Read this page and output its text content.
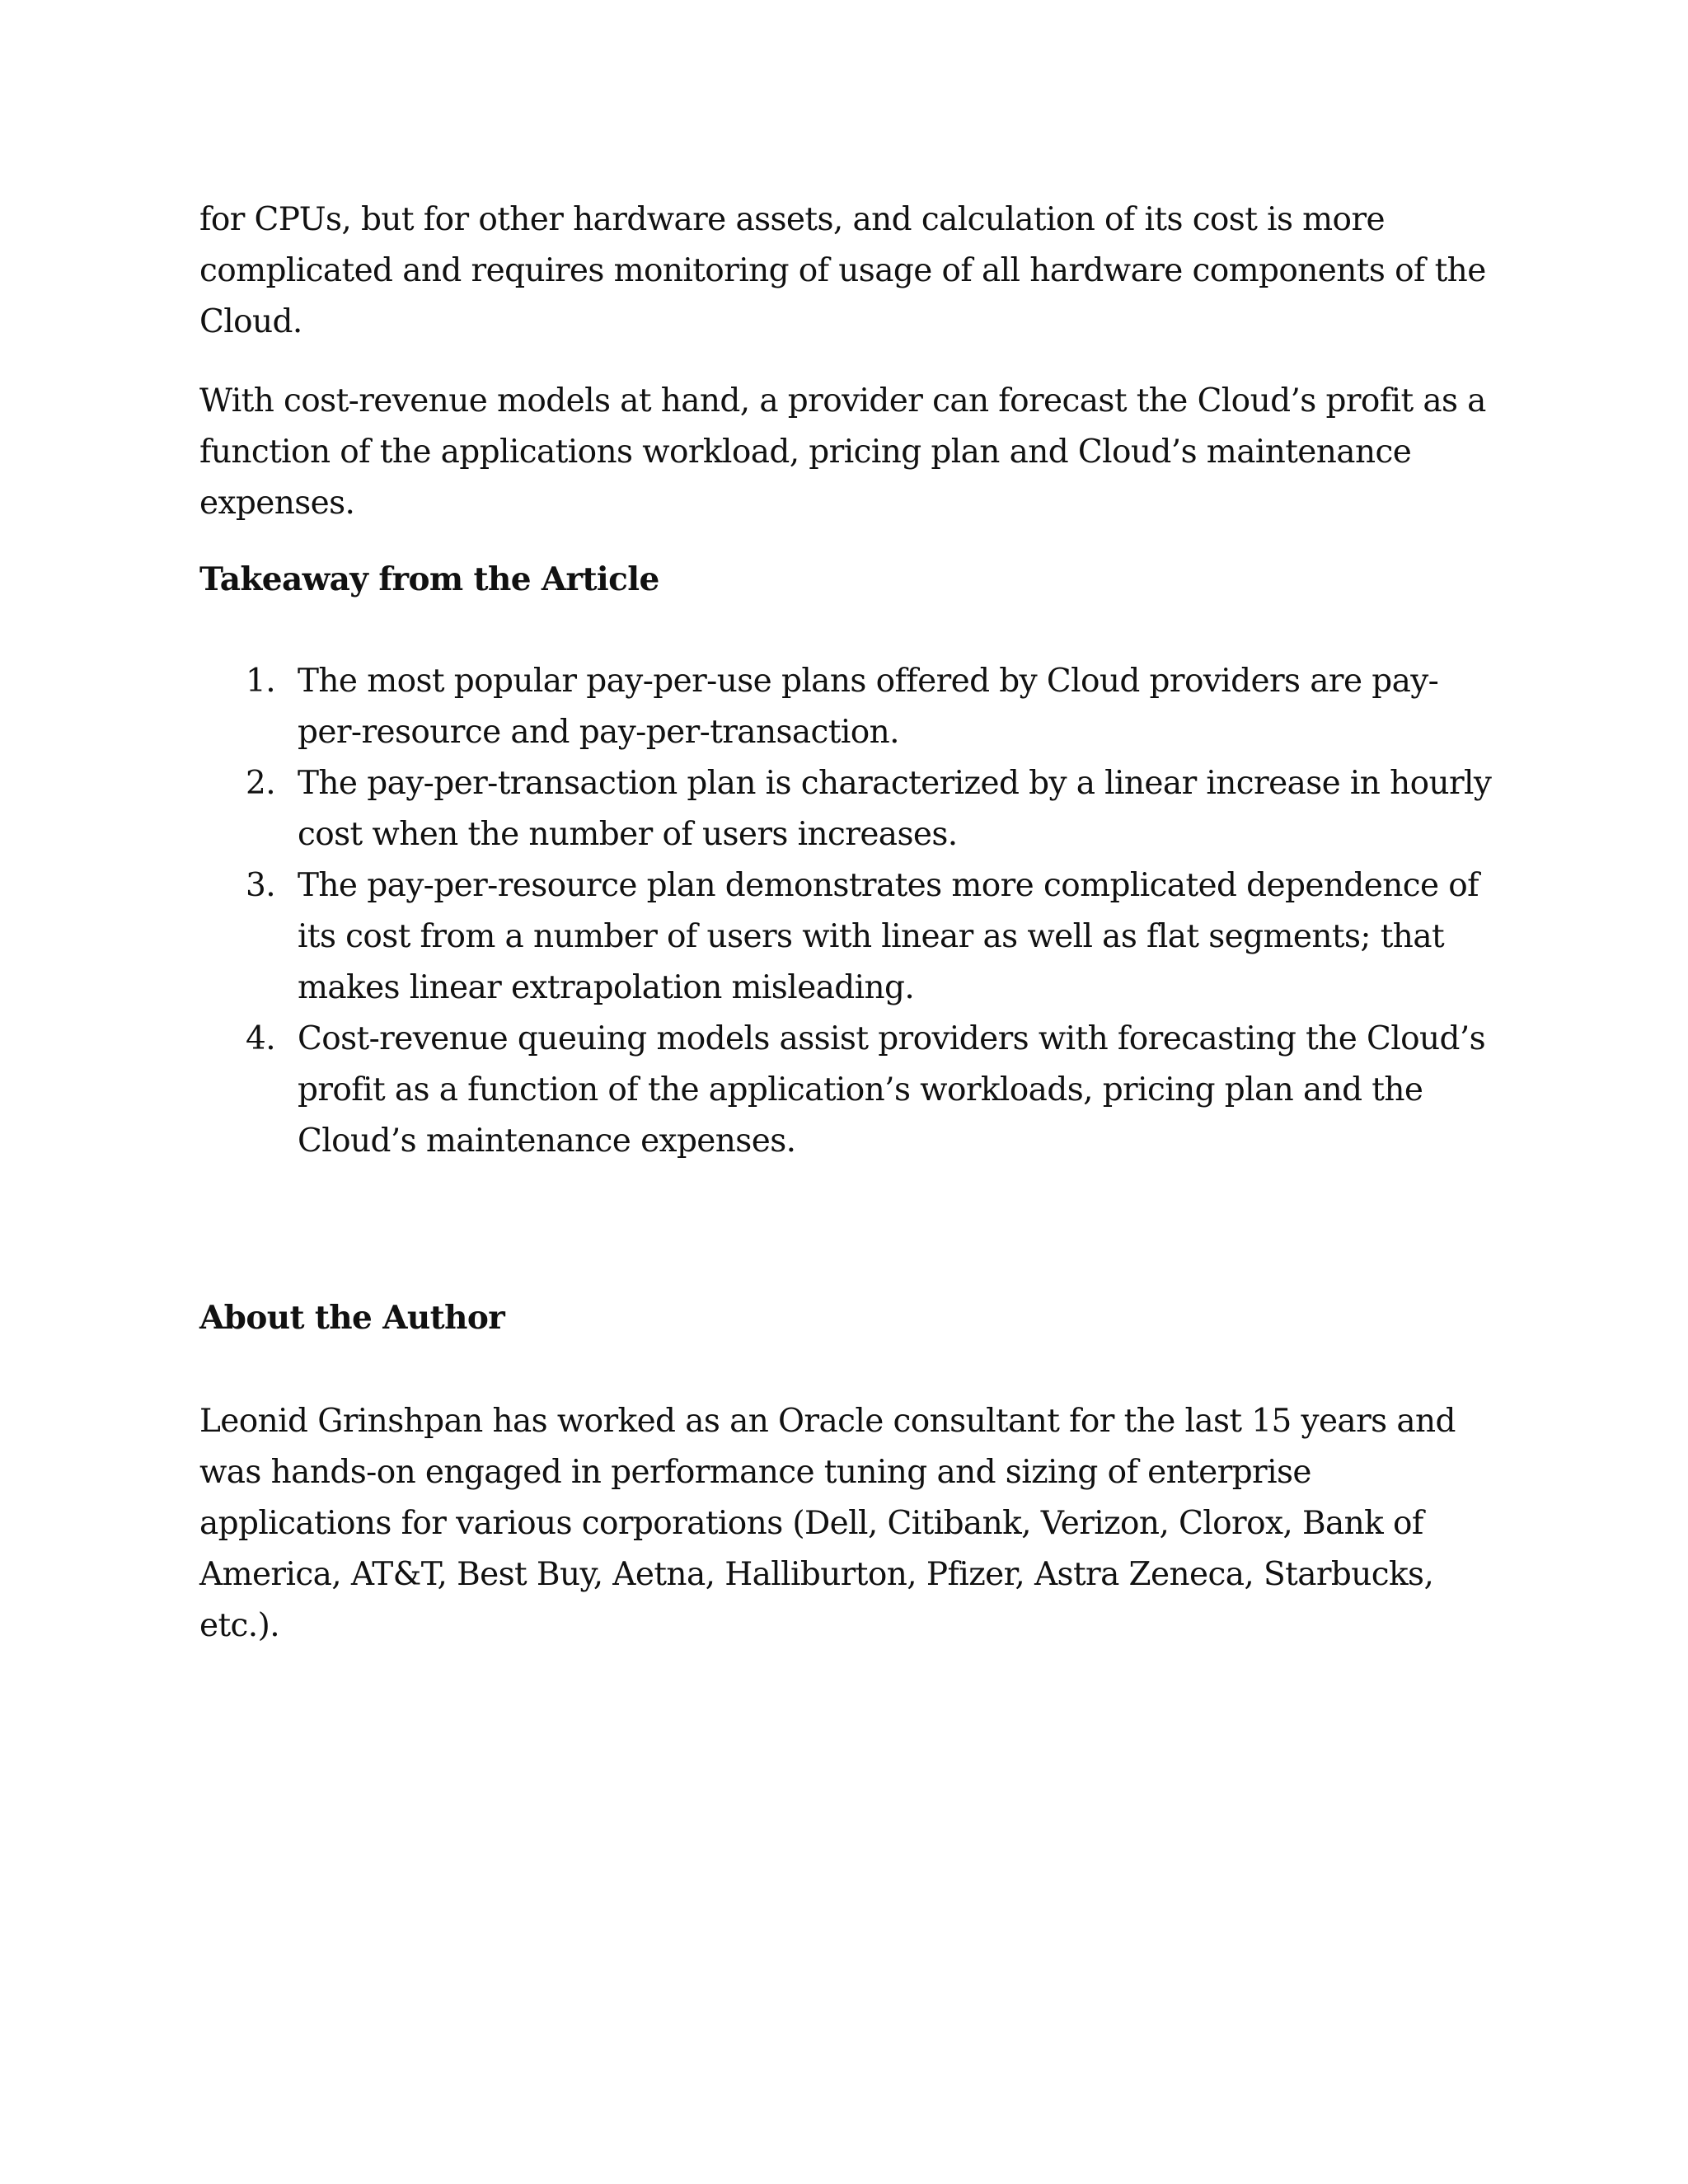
for CPUs, but for other hardware assets, and calculation of its cost is more complicated and requires monitoring of usage of all hardware components of the Cloud.

With cost-revenue models at hand, a provider can forecast the Cloud’s profit as a function of the applications workload, pricing plan and Cloud’s maintenance expenses.

Takeaway from the Article
1. The most popular pay-per-use plans offered by Cloud providers are pay-per-resource and pay-per-transaction.
2. The pay-per-transaction plan is characterized by a linear increase in hourly cost when the number of users increases.
3. The pay-per-resource plan demonstrates more complicated dependence of its cost from a number of users with linear as well as flat segments; that makes linear extrapolation misleading.
4. Cost-revenue queuing models assist providers with forecasting the Cloud’s profit as a function of the application’s workloads, pricing plan and the Cloud’s maintenance expenses.
About the Author

Leonid Grinshpan has worked as an Oracle consultant for the last 15 years and was hands-on engaged in performance tuning and sizing of enterprise applications for various corporations (Dell, Citibank, Verizon, Clorox, Bank of America, AT&T, Best Buy, Aetna, Halliburton, Pfizer, Astra Zeneca, Starbucks, etc.).
